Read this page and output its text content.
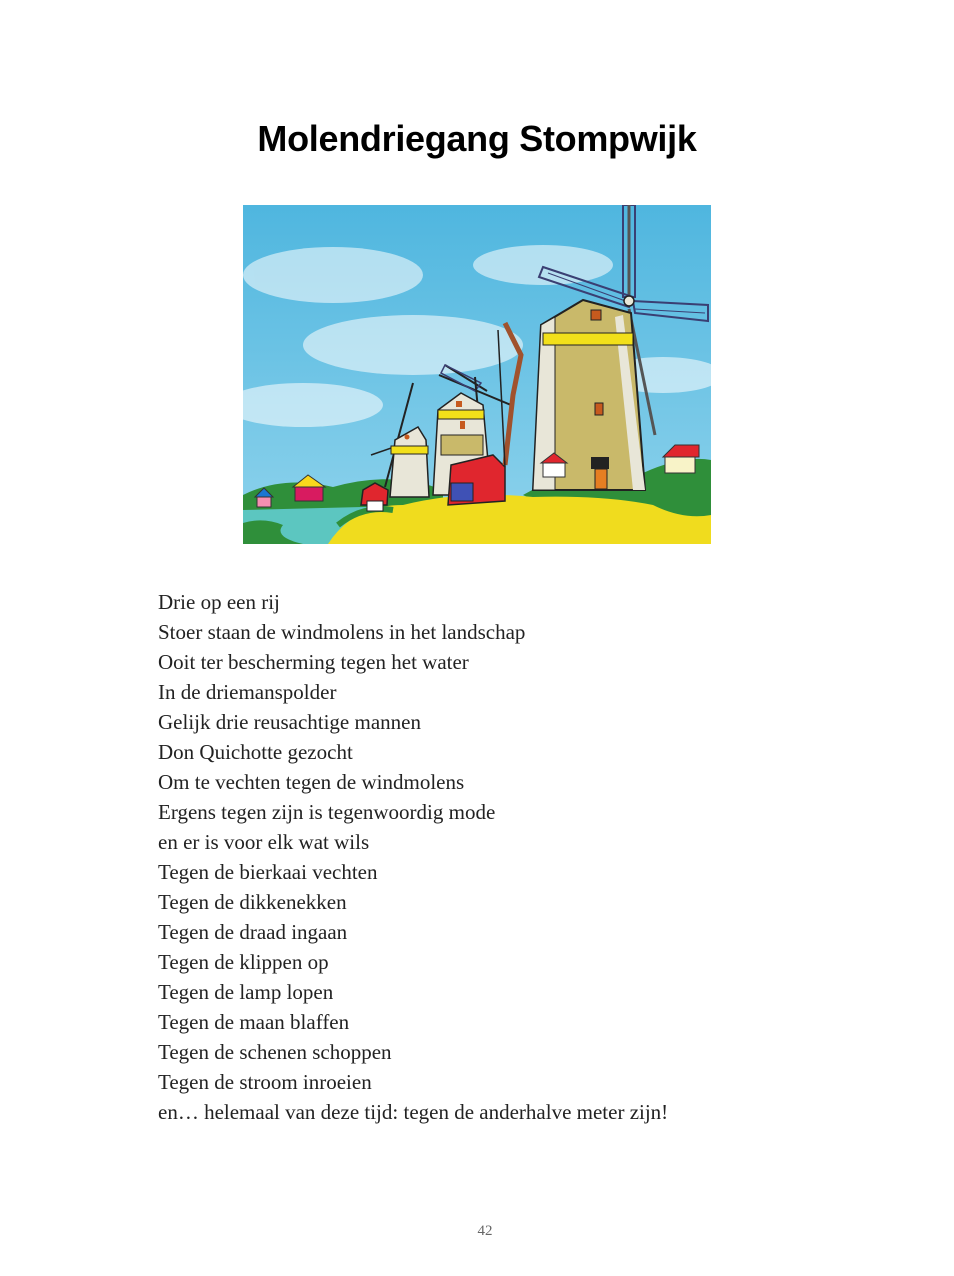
Molendriegang Stompwijk
Drie op een rij
Stoer staan de windmolens in het landschap
Ooit ter bescherming tegen het water
In de driemanspolder
Gelijk drie reusachtige mannen
Don Quichotte gezocht
Om te vechten tegen de windmolens
Ergens tegen zijn is tegenwoordig mode
en er is voor elk wat wils
Tegen de bierkaai vechten
Tegen de dikkenekken
Tegen de draad ingaan
Tegen de klippen op
Tegen de lamp lopen
Tegen de maan blaffen
Tegen de schenen schoppen
Tegen de stroom inroeien
en… helemaal van deze tijd: tegen de anderhalve meter zijn!
42
